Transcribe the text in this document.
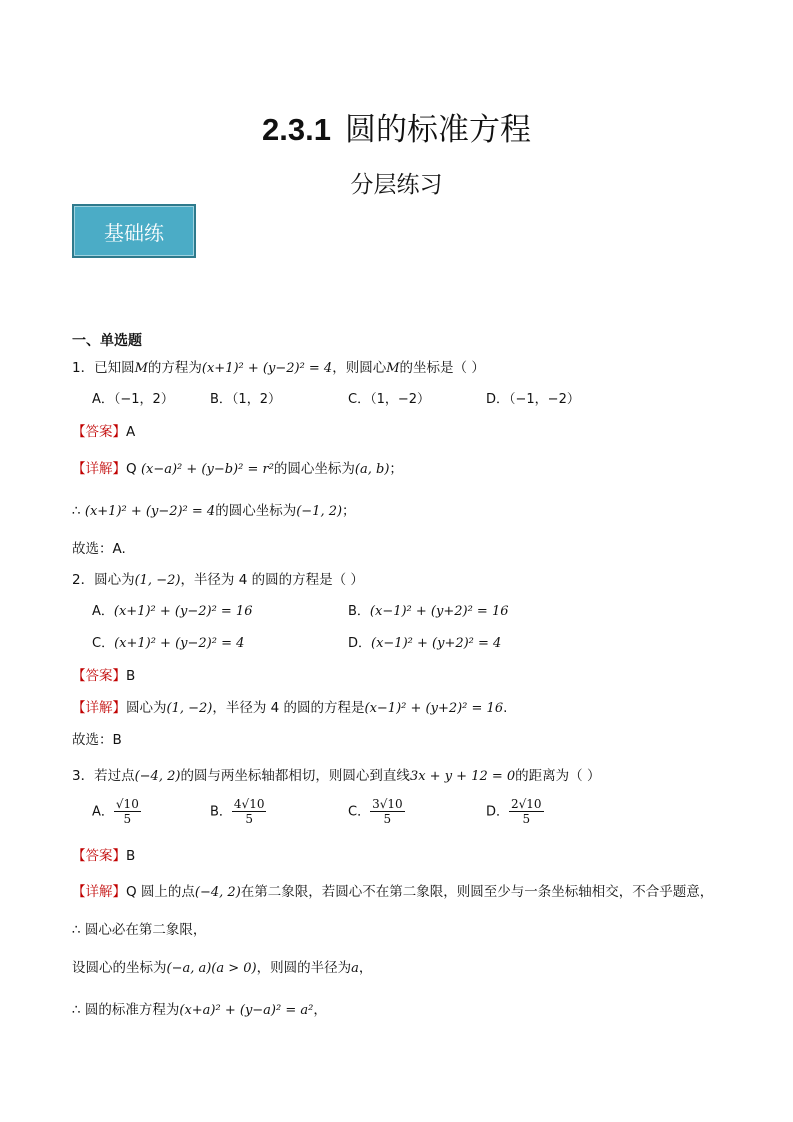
2.3.1 圆的标准方程
分层练习
基础练
一、单选题
1．已知圆M的方程为(x+1)² + (y−2)² = 4，则圆心M的坐标是（ ）
A．（−1，2）	B．（1，2）	C．（1，−2）	D．（−1，−2）
【答案】A
【详解】Q (x−a)² + (y−b)² = r²的圆心坐标为(a, b)；
∴ (x+1)² + (y−2)² = 4的圆心坐标为(−1, 2)；
故选：A.
2．圆心为(1, −2)，半径为 4 的圆的方程是（ ）
A．(x+1)² + (y−2)² = 16	B．(x−1)² + (y+2)² = 16
C．(x+1)² + (y−2)² = 4	D．(x−1)² + (y+2)² = 4
【答案】B
【详解】圆心为(1, −2)，半径为 4 的圆的方程是(x−1)² + (y+2)² = 16.
故选：B
3．若过点(−4, 2)的圆与两坐标轴都相切，则圆心到直线3x + y + 12 = 0的距离为（ ）
A． $\frac{√10}{5}$	B． $\frac{4√10}{5}$	C． $\frac{3√10}{5}$	D． $\frac{2√10}{5}$
【答案】B
【详解】Q 圆上的点(−4, 2)在第二象限，若圆心不在第二象限，则圆至少与一条坐标轴相交，不合乎题意，
∴ 圆心必在第二象限，
设圆心的坐标为(−a, a)(a > 0)，则圆的半径为a，
∴ 圆的标准方程为(x+a)² + (y−a)² = a²，
